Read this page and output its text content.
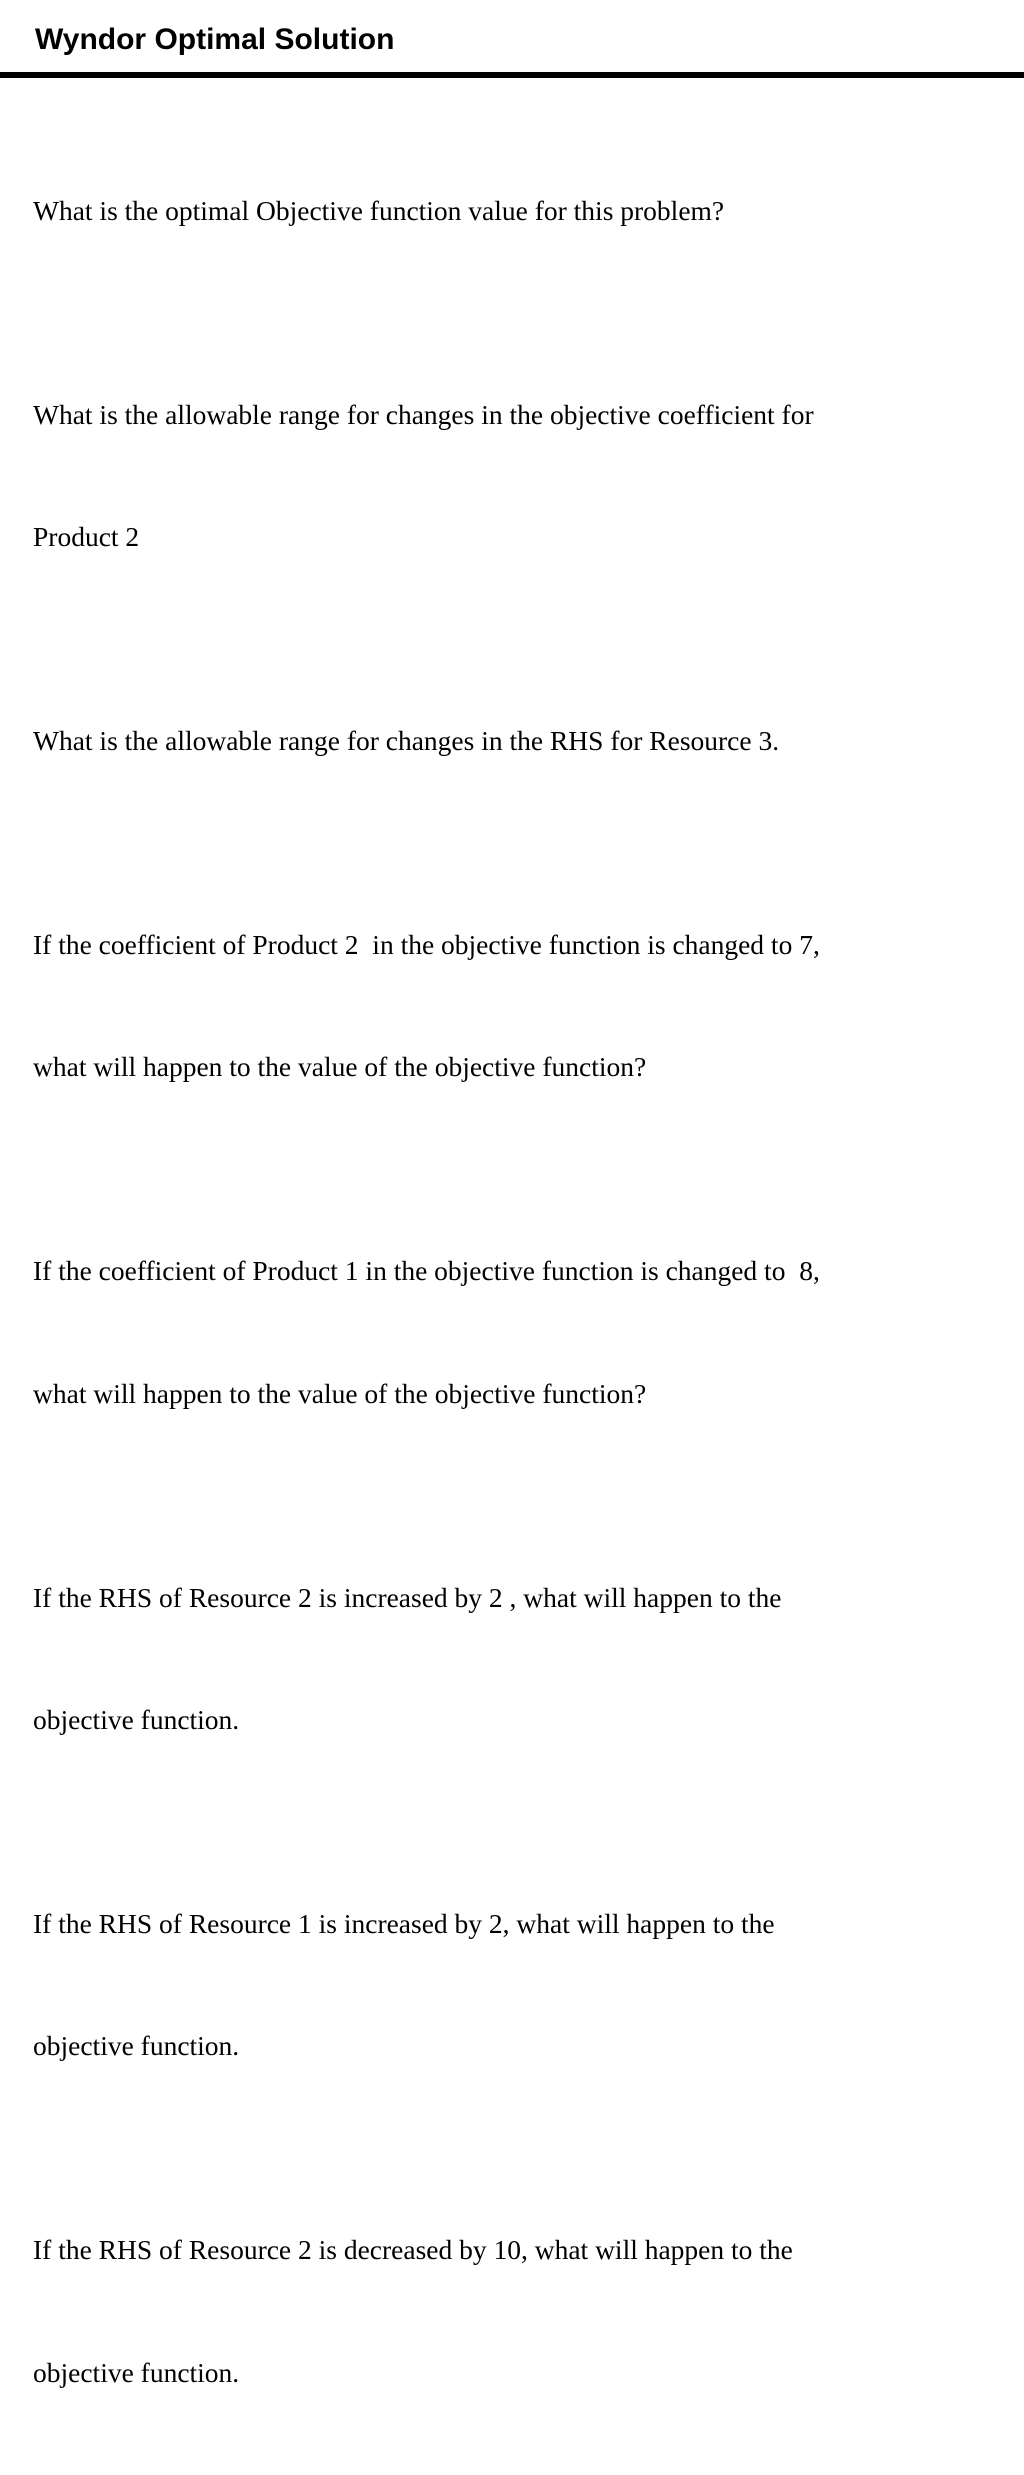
Wyndor Optimal Solution

What is the optimal Objective function value for this problem?

What is the allowable range for changes in the objective coefficient for

Product 2

What is the allowable range for changes in the RHS for Resource 3.

If the coefficient of Product 2  in the objective function is changed to 7,

what will happen to the value of the objective function?

If the coefficient of Product 1 in the objective function is changed to  8,

what will happen to the value of the objective function?

If the RHS of Resource 2 is increased by 2 , what will happen to the

objective function.

If the RHS of Resource 1 is increased by 2, what will happen to the

objective function.

If the RHS of Resource 2 is decreased by 10, what will happen to the

objective function.
